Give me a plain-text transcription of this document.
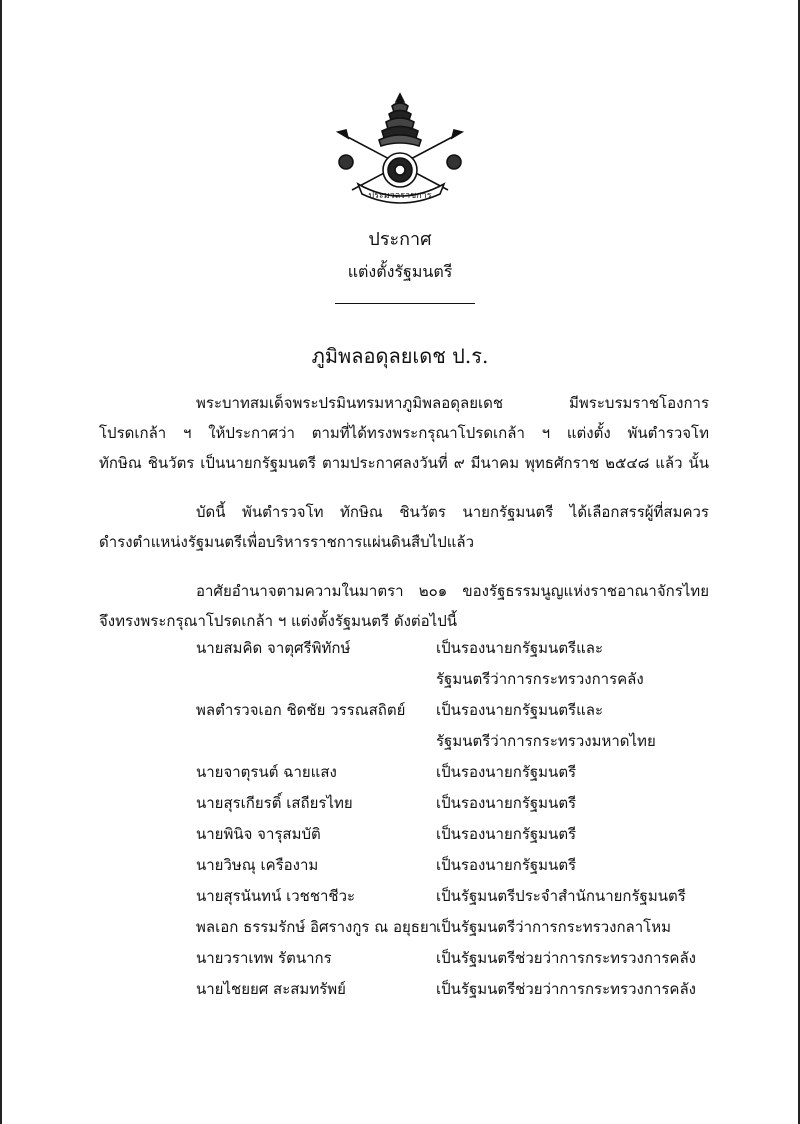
ประมวลราชการ
ประกาศ
แต่งตั้งรัฐมนตรี
ภูมิพลอดุลยเดช ป.ร.
พระบาทสมเด็จพระปรมินทรมหาภูมิพลอดุลยเดช มีพระบรมราชโองการ
โปรดเกล้า ฯ ให้ประกาศว่า ตามที่ได้ทรงพระกรุณาโปรดเกล้า ฯ แต่งตั้ง พันตำรวจโท
ทักษิณ ชินวัตร เป็นนายกรัฐมนตรี ตามประกาศลงวันที่ ๙ มีนาคม พุทธศักราช ๒๕๔๘ แล้ว นั้น
บัดนี้ พันตำรวจโท ทักษิณ ชินวัตร นายกรัฐมนตรี ได้เลือกสรรผู้ที่สมควร
ดำรงตำแหน่งรัฐมนตรีเพื่อบริหารราชการแผ่นดินสืบไปแล้ว
อาศัยอำนาจตามความในมาตรา ๒๐๑ ของรัฐธรรมนูญแห่งราชอาณาจักรไทย
จึงทรงพระกรุณาโปรดเกล้า ฯ แต่งตั้งรัฐมนตรี ดังต่อไปนี้
นายสมคิด จาตุศรีพิทักษ์	เป็นรองนายกรัฐมนตรีและ
รัฐมนตรีว่าการกระทรวงการคลัง
พลตำรวจเอก ชิดชัย วรรณสถิตย์ เป็นรองนายกรัฐมนตรีและ
รัฐมนตรีว่าการกระทรวงมหาดไทย
นายจาตุรนต์ ฉายแสง	เป็นรองนายกรัฐมนตรี
นายสุรเกียรติ์ เสถียรไทย	เป็นรองนายกรัฐมนตรี
นายพินิจ จารุสมบัติ	เป็นรองนายกรัฐมนตรี
นายวิษณุ เครืองาม	เป็นรองนายกรัฐมนตรี
นายสุรนันทน์ เวชชาชีวะ	เป็นรัฐมนตรีประจำสำนักนายกรัฐมนตรี
พลเอก ธรรมรักษ์ อิศรางกูร ณ อยุธยา
เป็นรัฐมนตรีว่าการกระทรวงกลาโหม
นายวราเทพ รัตนากร	เป็นรัฐมนตรีช่วยว่าการกระทรวงการคลัง
นายไชยยศ สะสมทรัพย์	เป็นรัฐมนตรีช่วยว่าการกระทรวงการคลัง
